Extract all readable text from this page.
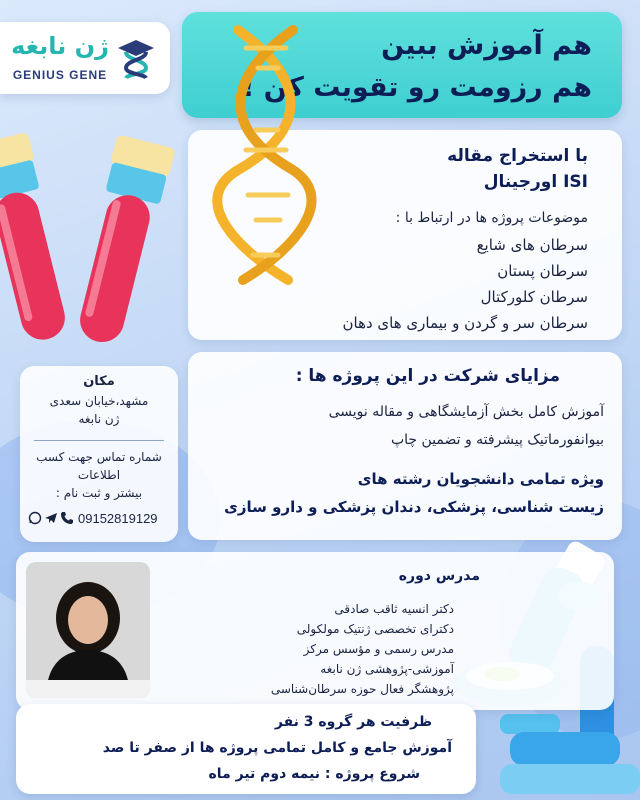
ژن نابغه
GENIUS GENE
هم آموزش ببین
هم رزومت رو تقویت کن !
با استخراج مقاله
ISI اورجینال
موضوعات پروژه ها در ارتباط با :
سرطان های شایع
سرطان پستان
سرطان کلورکتال
سرطان سر و گردن و بیماری های دهان
مزایای شرکت در این پروژه ها :
آموزش کامل بخش آزمایشگاهی و مقاله نویسی
بیوانفورماتیک پیشرفته و تضمین چاپ
ویژه تمامی دانشجویان رشته های
زیست شناسی، پزشکی، دندان پزشکی و دارو سازی
مکان
مشهد،خیابان سعدی
ژن نابغه
شماره تماس جهت کسب
اطلاعات
بیشتر و ثبت نام :
09152819129
مدرس دوره
دکتر انسیه ثاقب صادقی
دکترای تخصصی ژنتیک مولکولی
مدرس رسمی و مؤسس مرکز
آموزشی-پژوهشی ژن نابغه
پژوهشگر فعال حوزه سرطان‌شناسی
ظرفیت هر گروه 3 نفر
آموزش جامع و کامل تمامی پروژه ها از صفر تا صد
شروع پروژه : نیمه دوم تیر ماه
